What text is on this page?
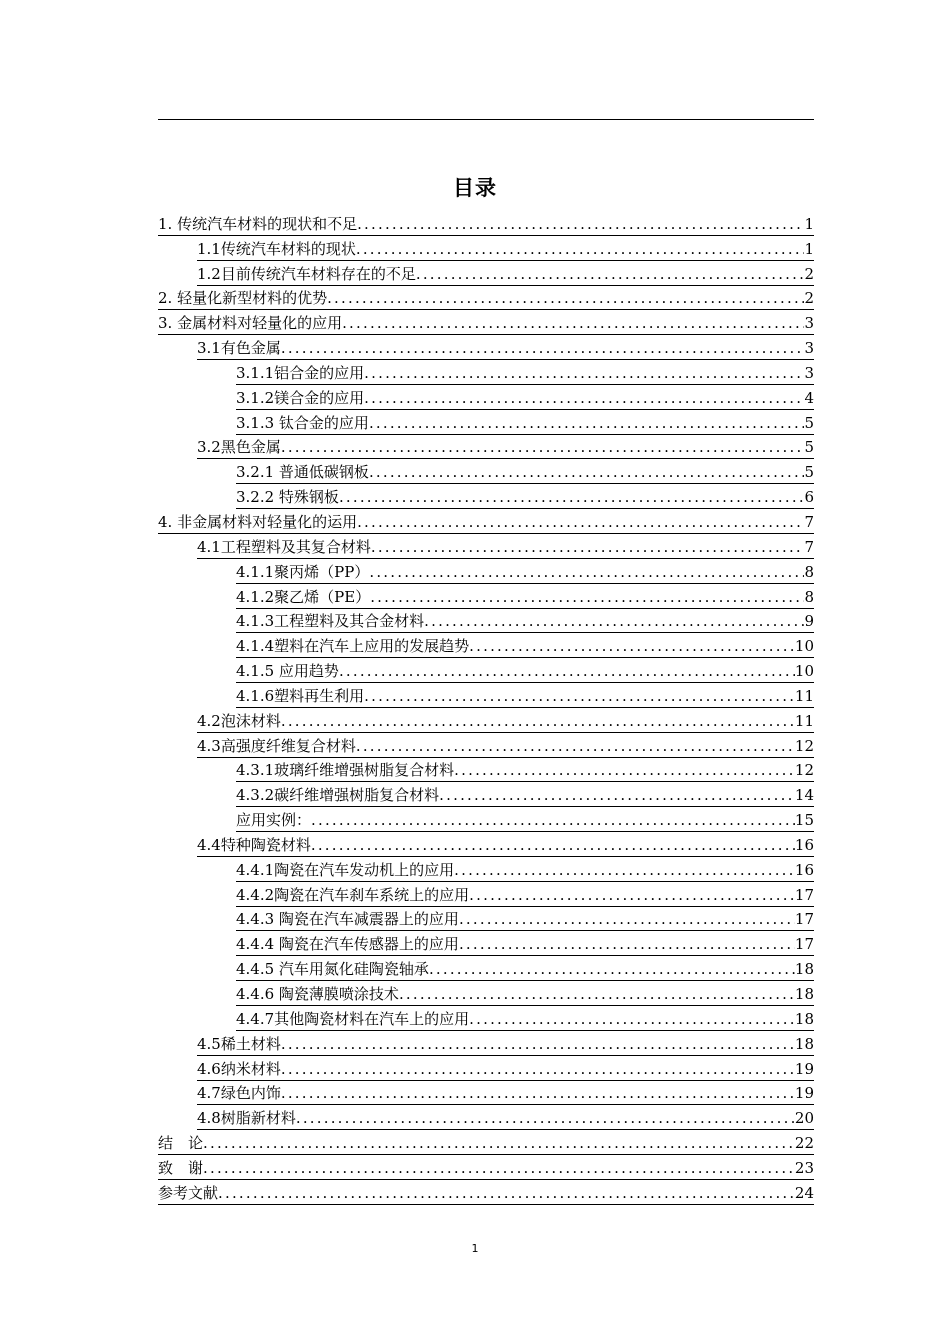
目录
1. 传统汽车材料的现状和不足 .....	1
1.1传统汽车材料的现状 .....	1
1.2目前传统汽车材料存在的不足 .....	2
2. 轻量化新型材料的优势 .....	2
3. 金属材料对轻量化的应用 .....	3
3.1有色金属 .....	3
3.1.1铝合金的应用 .....	3
3.1.2镁合金的应用 .....	4
3.1.3 钛合金的应用 .....	5
3.2黑色金属 .....	5
3.2.1 普通低碳钢板 .....	5
3.2.2 特殊钢板 .....	6
4. 非金属材料对轻量化的运用 .....	7
4.1工程塑料及其复合材料 .....	7
4.1.1聚丙烯（PP） .....	8
4.1.2聚乙烯（PE） .....	8
4.1.3工程塑料及其合金材料 .....	9
4.1.4塑料在汽车上应用的发展趋势 .....	10
4.1.5 应用趋势 .....	10
4.1.6塑料再生利用 .....	11
4.2泡沫材料 .....	11
4.3高强度纤维复合材料 .....	12
4.3.1玻璃纤维增强树脂复合材料 .....	12
4.3.2碳纤维增强树脂复合材料 .....	14
应用实例： .....	15
4.4特种陶瓷材料 .....	16
4.4.1陶瓷在汽车发动机上的应用 .....	16
4.4.2陶瓷在汽车刹车系统上的应用 .....	17
4.4.3 陶瓷在汽车减震器上的应用 .....	17
4.4.4 陶瓷在汽车传感器上的应用 .....	17
4.4.5 汽车用氮化硅陶瓷轴承 .....	18
4.4.6 陶瓷薄膜喷涂技术 .....	18
4.4.7其他陶瓷材料在汽车上的应用 .....	18
4.5稀土材料 .....	18
4.6纳米材料 .....	19
4.7绿色内饰 .....	19
4.8树脂新材料 .....	20
结　论 .....	22
致　谢 .....	23
参考文献 .....	24
1
